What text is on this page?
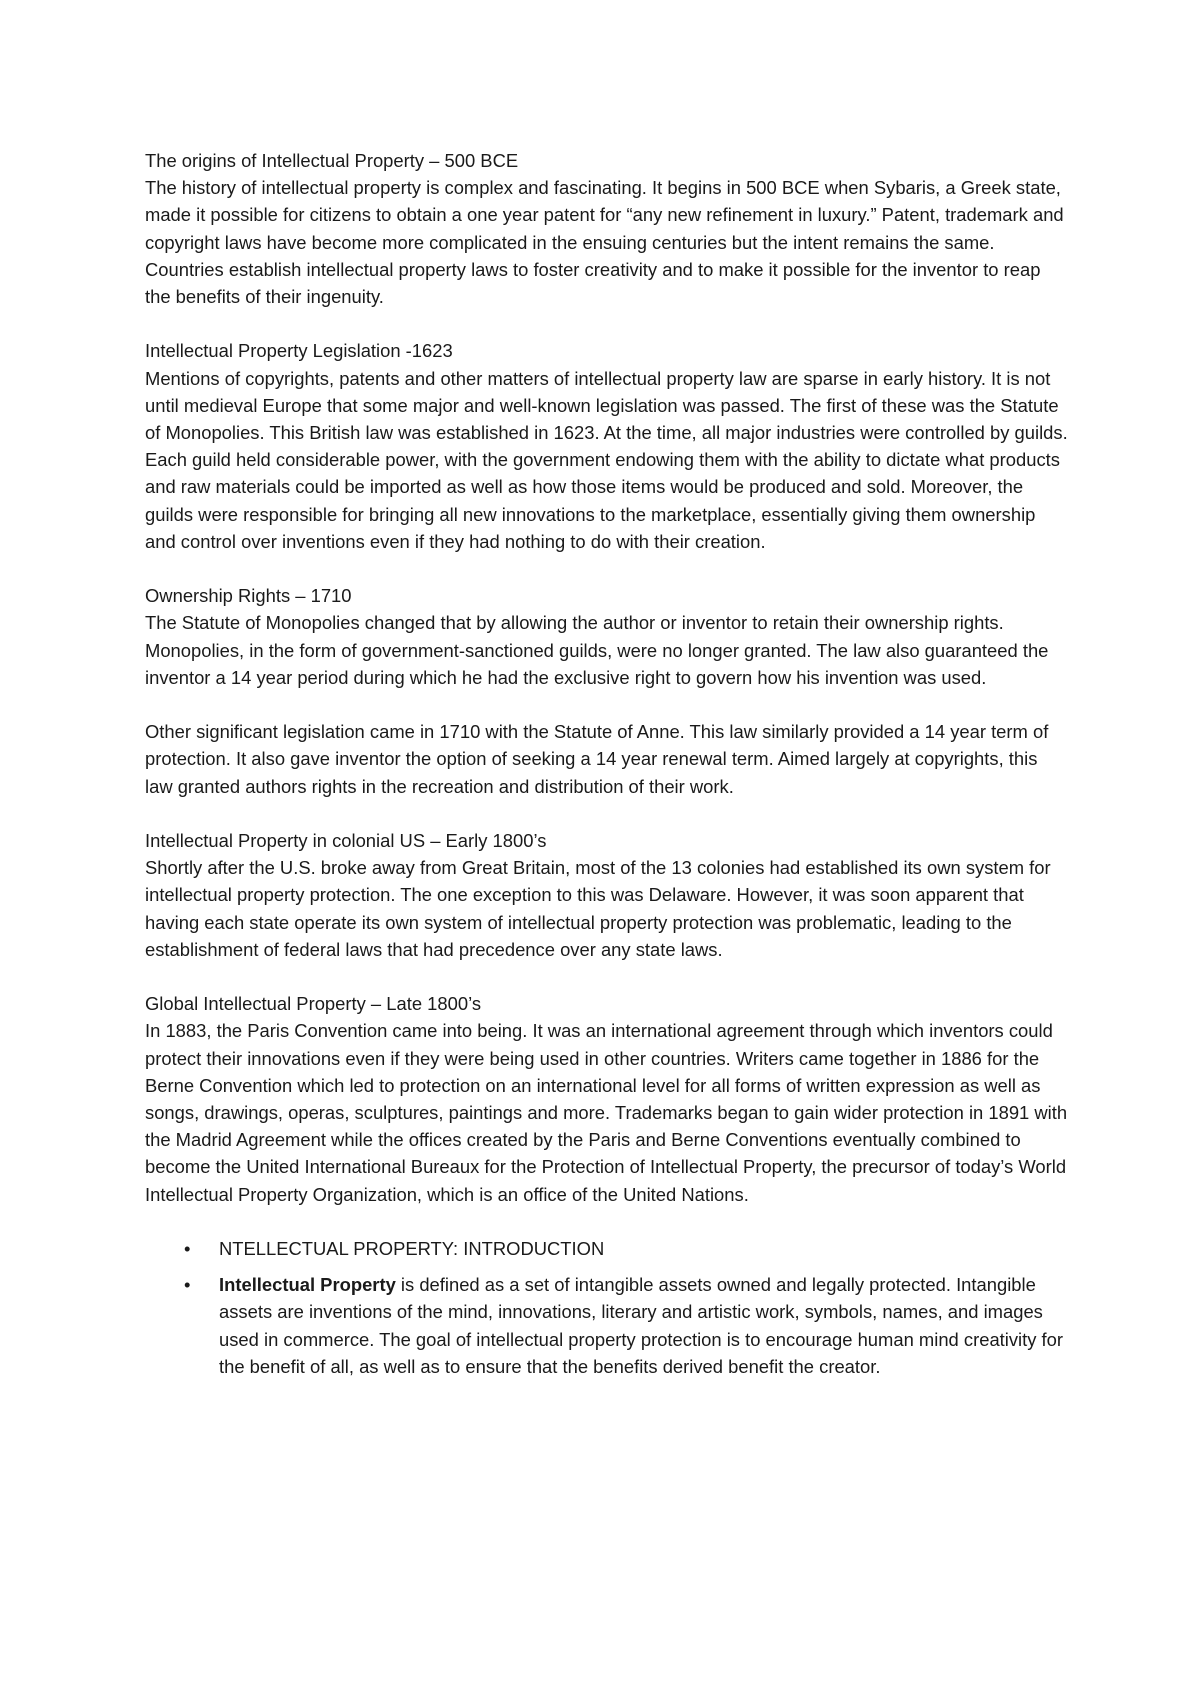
The origins of Intellectual Property – 500 BCE
The history of intellectual property is complex and fascinating. It begins in 500 BCE when Sybaris, a Greek state, made it possible for citizens to obtain a one year patent for “any new refinement in luxury.” Patent, trademark and copyright laws have become more complicated in the ensuing centuries but the intent remains the same. Countries establish intellectual property laws to foster creativity and to make it possible for the inventor to reap the benefits of their ingenuity.
Intellectual Property Legislation -1623
Mentions of copyrights, patents and other matters of intellectual property law are sparse in early history. It is not until medieval Europe that some major and well-known legislation was passed. The first of these was the Statute of Monopolies. This British law was established in 1623. At the time, all major industries were controlled by guilds. Each guild held considerable power, with the government endowing them with the ability to dictate what products and raw materials could be imported as well as how those items would be produced and sold. Moreover, the guilds were responsible for bringing all new innovations to the marketplace, essentially giving them ownership and control over inventions even if they had nothing to do with their creation.
Ownership Rights – 1710
The Statute of Monopolies changed that by allowing the author or inventor to retain their ownership rights. Monopolies, in the form of government-sanctioned guilds, were no longer granted. The law also guaranteed the inventor a 14 year period during which he had the exclusive right to govern how his invention was used.

Other significant legislation came in 1710 with the Statute of Anne. This law similarly provided a 14 year term of protection. It also gave inventor the option of seeking a 14 year renewal term. Aimed largely at copyrights, this law granted authors rights in the recreation and distribution of their work.

Intellectual Property in colonial US – Early 1800’s
Shortly after the U.S. broke away from Great Britain, most of the 13 colonies had established its own system for intellectual property protection. The one exception to this was Delaware. However, it was soon apparent that having each state operate its own system of intellectual property protection was problematic, leading to the establishment of federal laws that had precedence over any state laws.
Global Intellectual Property – Late 1800’s
In 1883, the Paris Convention came into being. It was an international agreement through which inventors could protect their innovations even if they were being used in other countries. Writers came together in 1886 for the Berne Convention which led to protection on an international level for all forms of written expression as well as songs, drawings, operas, sculptures, paintings and more. Trademarks began to gain wider protection in 1891 with the Madrid Agreement while the offices created by the Paris and Berne Conventions eventually combined to become the United International Bureaux for the Protection of Intellectual Property, the precursor of today’s World Intellectual Property Organization, which is an office of the United Nations.
• NTELLECTUAL PROPERTY: INTRODUCTION
• Intellectual Property is defined as a set of intangible assets owned and legally protected. Intangible assets are inventions of the mind, innovations, literary and artistic work, symbols, names, and images used in commerce. The goal of intellectual property protection is to encourage human mind creativity for the benefit of all, as well as to ensure that the benefits derived benefit the creator.
